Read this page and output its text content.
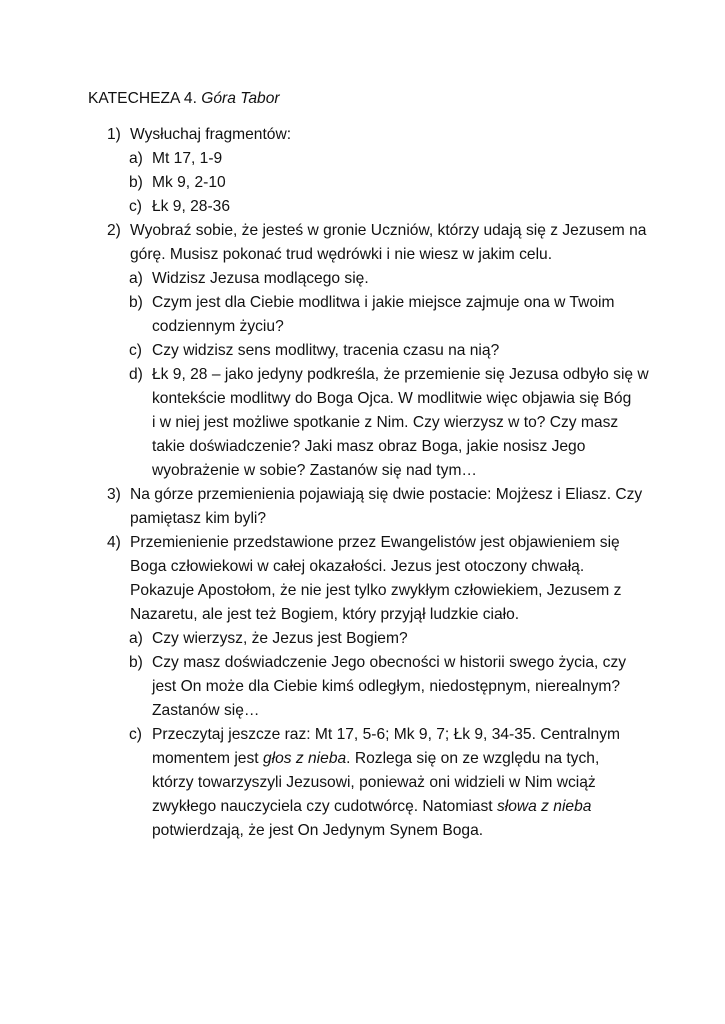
KATECHEZA 4. Góra Tabor
1) Wysłuchaj fragmentów:
a) Mt 17, 1-9
b) Mk 9, 2-10
c) Łk 9, 28-36
2) Wyobraź sobie, że jesteś w gronie Uczniów, którzy udają się z Jezusem na
górę. Musisz pokonać trud wędrówki i nie wiesz w jakim celu.
a) Widzisz Jezusa modlącego się.
b) Czym jest dla Ciebie modlitwa i jakie miejsce zajmuje ona w Twoim
codziennym życiu?
c) Czy widzisz sens modlitwy, tracenia czasu na nią?
d) Łk 9, 28 – jako jedyny podkreśla, że przemienie się Jezusa odbyło się w
kontekście modlitwy do Boga Ojca. W modlitwie więc objawia się Bóg
i w niej jest możliwe spotkanie z Nim. Czy wierzysz w to? Czy masz
takie doświadczenie? Jaki masz obraz Boga, jakie nosisz Jego
wyobrażenie w sobie? Zastanów się nad tym…
3) Na górze przemienienia pojawiają się dwie postacie: Mojżesz i Eliasz. Czy
pamiętasz kim byli?
4) Przemienienie przedstawione przez Ewangelistów jest objawieniem się
Boga człowiekowi w całej okazałości. Jezus jest otoczony chwałą.
Pokazuje Apostołom, że nie jest tylko zwykłym człowiekiem, Jezusem z
Nazaretu, ale jest też Bogiem, który przyjął ludzkie ciało.
a) Czy wierzysz, że Jezus jest Bogiem?
b) Czy masz doświadczenie Jego obecności w historii swego życia, czy
jest On może dla Ciebie kimś odległym, niedostępnym, nierealnym?
Zastanów się…
c) Przeczytaj jeszcze raz: Mt 17, 5-6; Mk 9, 7; Łk 9, 34-35. Centralnym
momentem jest głos z nieba. Rozlega się on ze względu na tych,
którzy towarzyszyli Jezusowi, ponieważ oni widzieli w Nim wciąż
zwykłego nauczyciela czy cudotwórcę. Natomiast słowa z nieba
potwierdzają, że jest On Jedynym Synem Boga.
